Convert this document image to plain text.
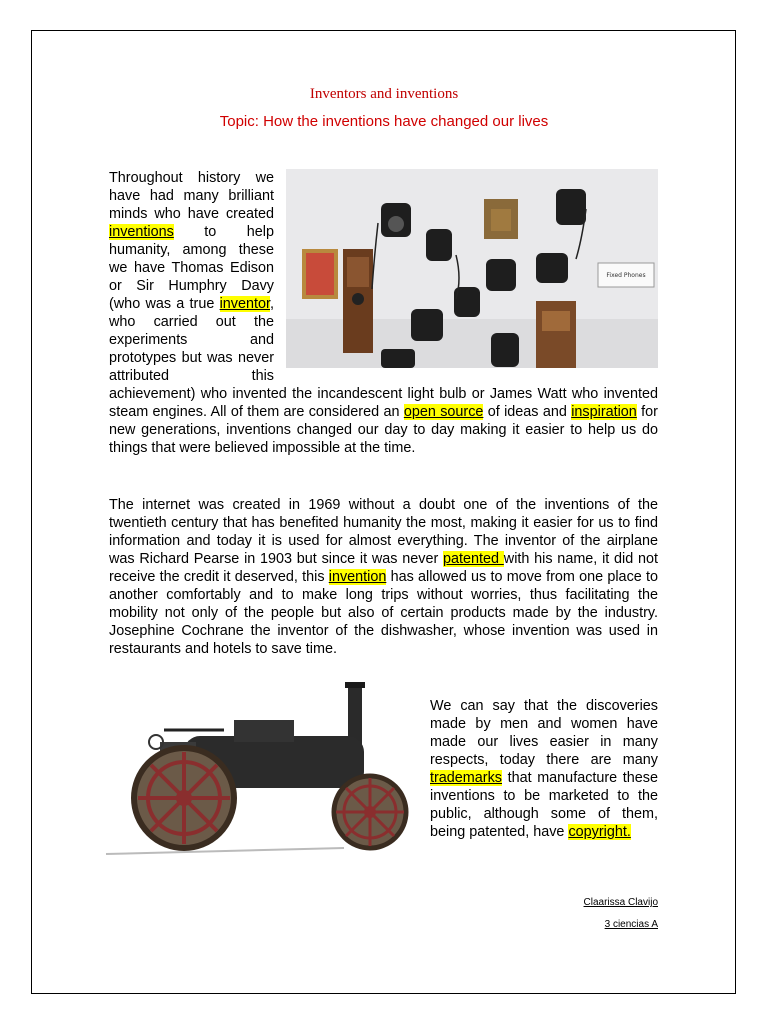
Inventors and inventions
Topic: How the inventions have changed our lives
Fixed Phones
Throughout history we have had many brilliant minds who have created inventions to help humanity, among these we have Thomas Edison or Sir Humphry Davy (who was a true inventor, who carried out the experiments and prototypes but was never attributed this achievement) who invented the incandescent light bulb or James Watt who invented steam engines. All of them are considered an open source of ideas and inspiration for new generations, inventions changed our day to day making it easier to help us do things that were believed impossible at the time.
The internet was created in 1969 without a doubt one of the inventions of the twentieth century that has benefited humanity the most, making it easier for us to find information and today it is used for almost everything. The inventor of the airplane was Richard Pearse in 1903 but since it was never patented with his name, it did not receive the credit it deserved, this invention has allowed us to move from one place to another comfortably and to make long trips without worries, thus facilitating the mobility not only of the people but also of certain products made by the industry. Josephine Cochrane the inventor of the dishwasher, whose invention was used in restaurants and hotels to save time.
We can say that the discoveries made by men and women have made our lives easier in many respects, today there are many trademarks that manufacture these inventions to be marketed to the public, although some of them, being patented, have copyright.
Claarissa Clavijo
3 ciencias A
